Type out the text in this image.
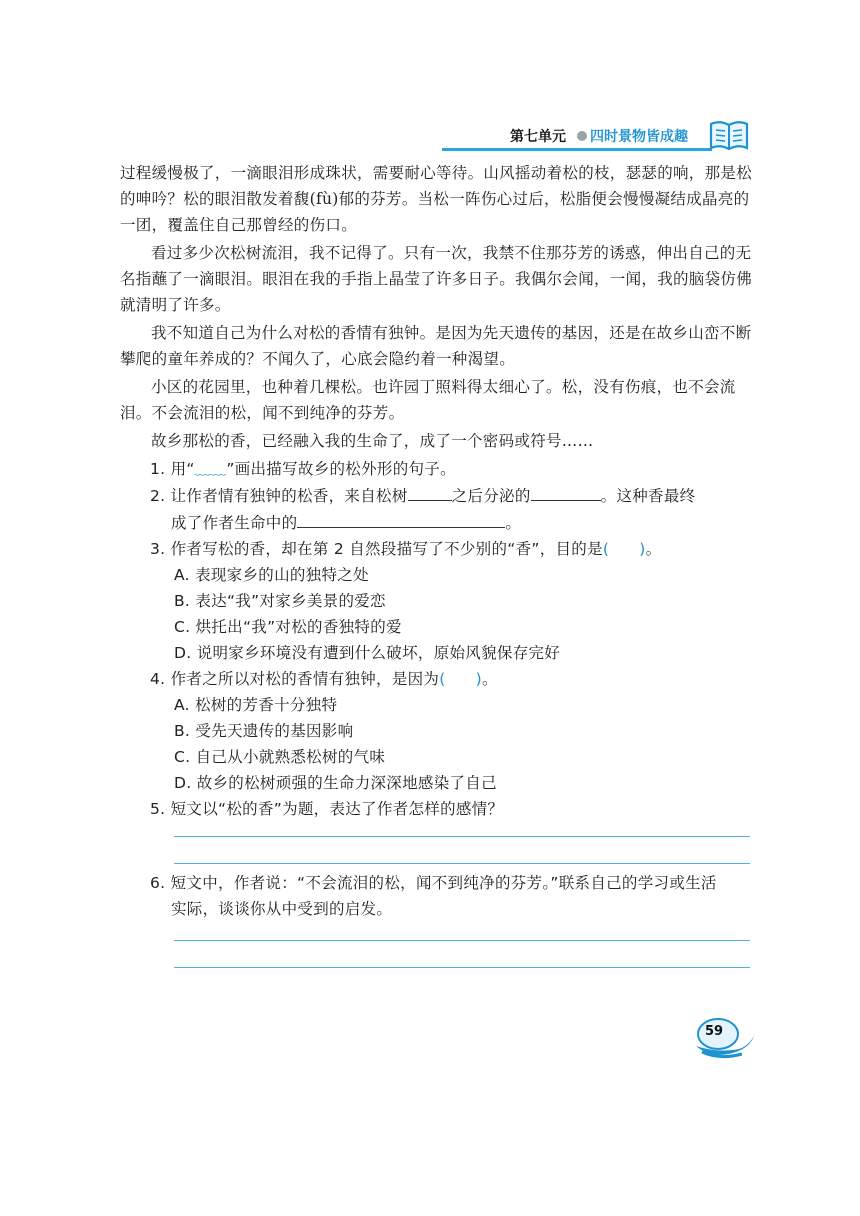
第七单元 四时景物皆成趣

过程缓慢极了，一滴眼泪形成珠状，需要耐心等待。山风摇动着松的枝，瑟瑟的响，那是松的呻吟？松的眼泪散发着馥(fù)郁的芬芳。当松一阵伤心过后，松脂便会慢慢凝结成晶亮的一团，覆盖住自己那曾经的伤口。

看过多少次松树流泪，我不记得了。只有一次，我禁不住那芬芳的诱惑，伸出自己的无名指蘸了一滴眼泪。眼泪在我的手指上晶莹了许多日子。我偶尔会闻，一闻，我的脑袋仿佛就清明了许多。

我不知道自己为什么对松的香情有独钟。是因为先天遗传的基因，还是在故乡山峦不断攀爬的童年养成的？不闻久了，心底会隐约着一种渴望。

小区的花园里，也种着几棵松。也许园丁照料得太细心了。松，没有伤痕，也不会流泪。不会流泪的松，闻不到纯净的芬芳。

故乡那松的香，已经融入我的生命了，成了一个密码或符号……

1. 用“﹏﹏”画出描写故乡的松外形的句子。

2. 让作者情有独钟的松香，来自松树	之后分泌的	。这种香最终

成了作者生命中的	。

3. 作者写松的香，却在第 2 自然段描写了不少别的“香”，目的是( )。

A. 表现家乡的山的独特之处

B. 表达“我”对家乡美景的爱恋

C. 烘托出“我”对松的香独特的爱

D. 说明家乡环境没有遭到什么破坏，原始风貌保存完好

4. 作者之所以对松的香情有独钟，是因为( )。

A. 松树的芳香十分独特

B. 受先天遗传的基因影响

C. 自己从小就熟悉松树的气味

D. 故乡的松树顽强的生命力深深地感染了自己

5. 短文以“松的香”为题，表达了作者怎样的感情？

6. 短文中，作者说：“不会流泪的松，闻不到纯净的芬芳。”联系自己的学习或生活

实际，谈谈你从中受到的启发。

59
